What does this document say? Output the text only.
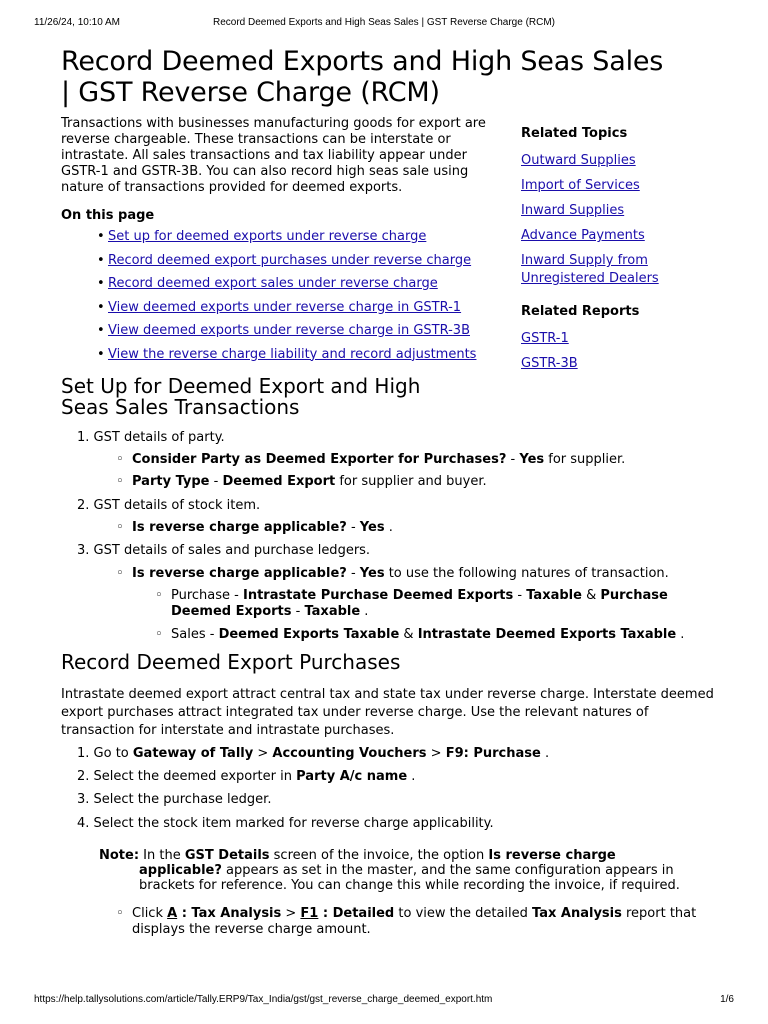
11/26/24, 10:10 AM	Record Deemed Exports and High Seas Sales | GST Reverse Charge (RCM)
Record Deemed Exports and High Seas Sales
| GST Reverse Charge (RCM)

Transactions with businesses manufacturing goods for export are reverse chargeable. These transactions can be interstate or intrastate. All sales transactions and tax liability appear under GSTR-1 and GSTR-3B. You can also record high seas sale using nature of transactions provided for deemed exports.

On this page
• Set up for deemed exports under reverse charge
• Record deemed export purchases under reverse charge
• Record deemed export sales under reverse charge
• View deemed exports under reverse charge in GSTR-1
• View deemed exports under reverse charge in GSTR-3B
• View the reverse charge liability and record adjustments
Related Topics
Outward Supplies
Import of Services
Inward Supplies
Advance Payments
Inward Supply from
Unregistered Dealers
Related Reports
GSTR-1
GSTR-3B
Set Up for Deemed Export and High
Seas Sales Transactions
1. GST details of party.
◦ Consider Party as Deemed Exporter for Purchases? - Yes for supplier.
◦ Party Type - Deemed Export for supplier and buyer.
2. GST details of stock item.
◦ Is reverse charge applicable? - Yes .
3. GST details of sales and purchase ledgers.
◦ Is reverse charge applicable? - Yes to use the following natures of transaction.
◦ Purchase - Intrastate Purchase Deemed Exports - Taxable & Purchase
Deemed Exports - Taxable .
◦ Sales - Deemed Exports Taxable & Intrastate Deemed Exports Taxable .
Record Deemed Export Purchases

Intrastate deemed export attract central tax and state tax under reverse charge. Interstate deemed
export purchases attract integrated tax under reverse charge. Use the relevant natures of
transaction for interstate and intrastate purchases.

1. Go to Gateway of Tally > Accounting Vouchers > F9: Purchase .
2. Select the deemed exporter in Party A/c name .
3. Select the purchase ledger.
4. Select the stock item marked for reverse charge applicability.
Note: In the GST Details screen of the invoice, the option Is reverse charge
applicable? appears as set in the master, and the same configuration appears in
brackets for reference. You can change this while recording the invoice, if required.
◦ Click A : Tax Analysis > F1 : Detailed to view the detailed Tax Analysis report that
displays the reverse charge amount.
https://help.tallysolutions.com/article/Tally.ERP9/Tax_India/gst/gst_reverse_charge_deemed_export.htm	1/6
